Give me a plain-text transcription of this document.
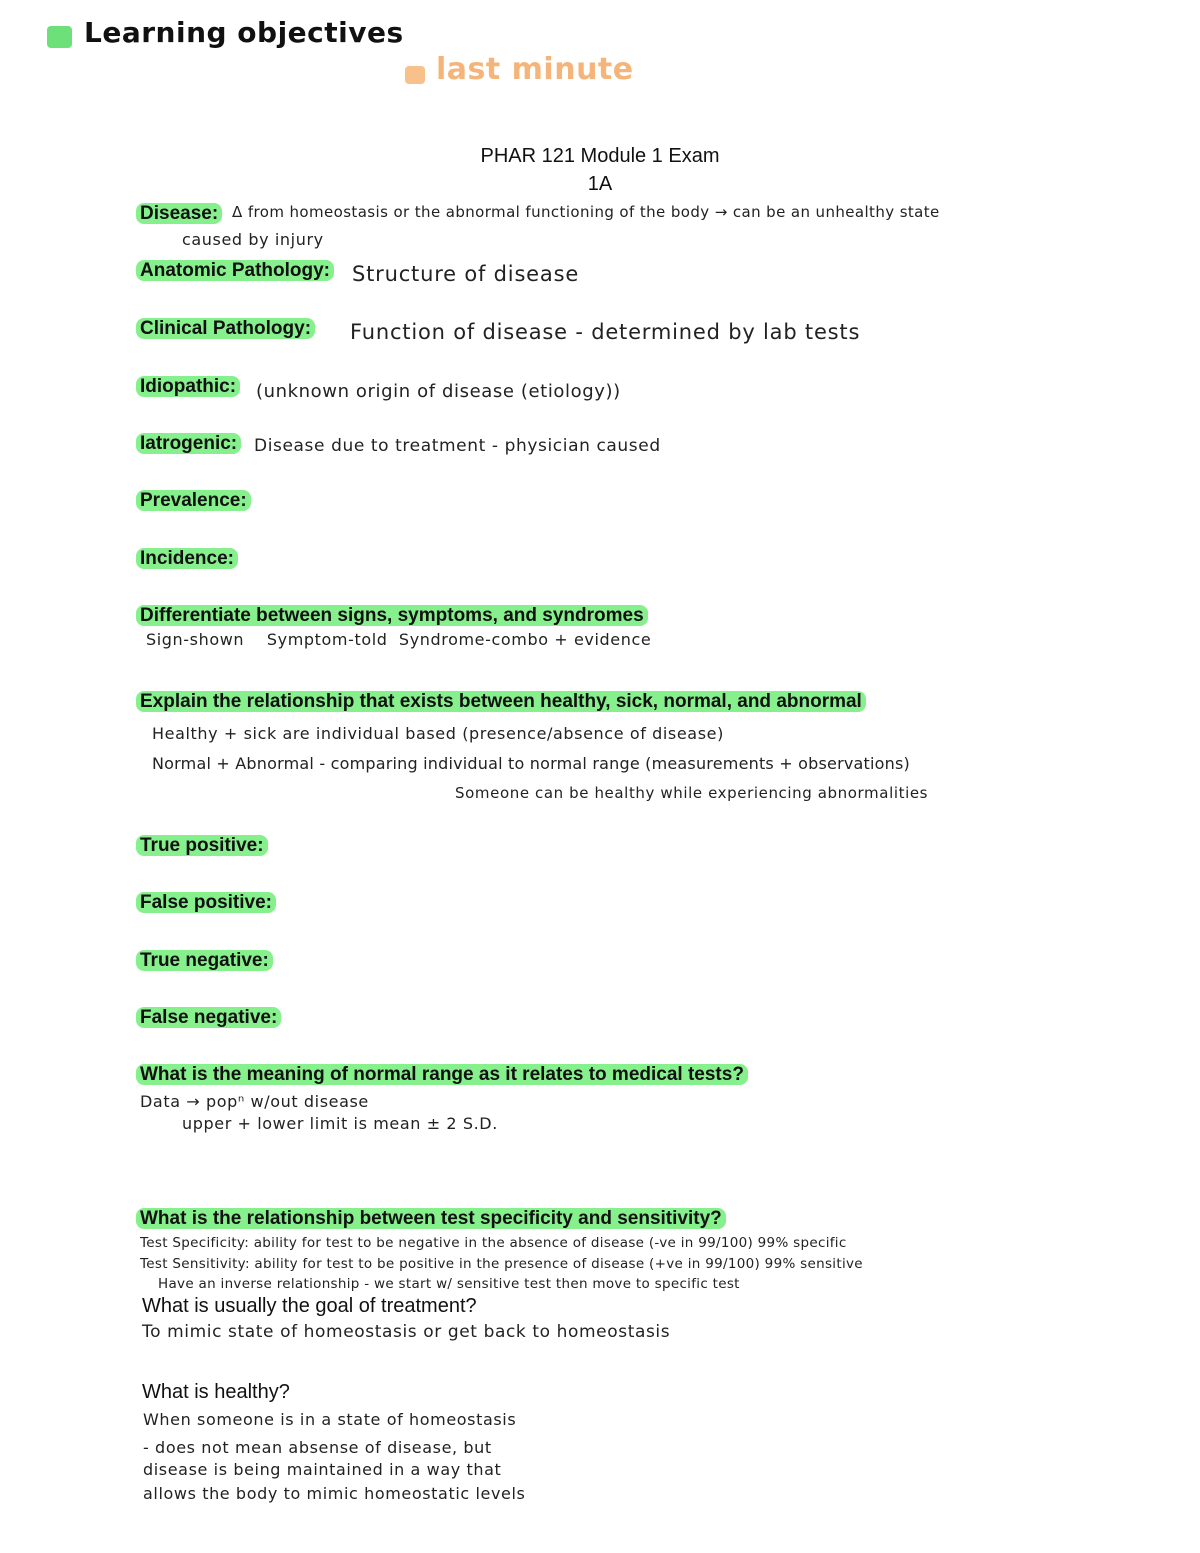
Learning objectives
last minute
PHAR 121 Module 1 Exam
1A
Disease: Δ from homeostasis or the abnormal functioning of the body → can be an unhealthy state
caused by injury
Anatomic Pathology: Structure of disease
Clinical Pathology: Function of disease - determined by lab tests
Idiopathic: (unknown origin of disease (etiology))
Iatrogenic: Disease due to treatment - physician caused
Prevalence:
Incidence:
Differentiate between signs, symptoms, and syndromes
Sign-shown    Symptom-told  Syndrome-combo + evidence
Explain the relationship that exists between healthy, sick, normal, and abnormal
Healthy + sick are individual based (presence/absence of disease)
Normal + Abnormal - comparing individual to normal range (measurements + observations)
Someone can be healthy while experiencing abnormalities
True positive:
False positive:
True negative:
False negative:
What is the meaning of normal range as it relates to medical tests?
Data → popⁿ w/out disease
upper + lower limit is mean ± 2 S.D.
What is the relationship between test specificity and sensitivity?
Test Specificity: ability for test to be negative in the absence of disease (-ve in 99/100) 99% specific
Test Sensitivity: ability for test to be positive in the presence of disease (+ve in 99/100) 99% sensitive
Have an inverse relationship - we start w/ sensitive test then move to specific test
What is usually the goal of treatment?
To mimic state of homeostasis or get back to homeostasis
What is healthy?
When someone is in a state of homeostasis
- does not mean absense of disease, but
disease is being maintained in a way that
allows the body to mimic homeostatic levels
